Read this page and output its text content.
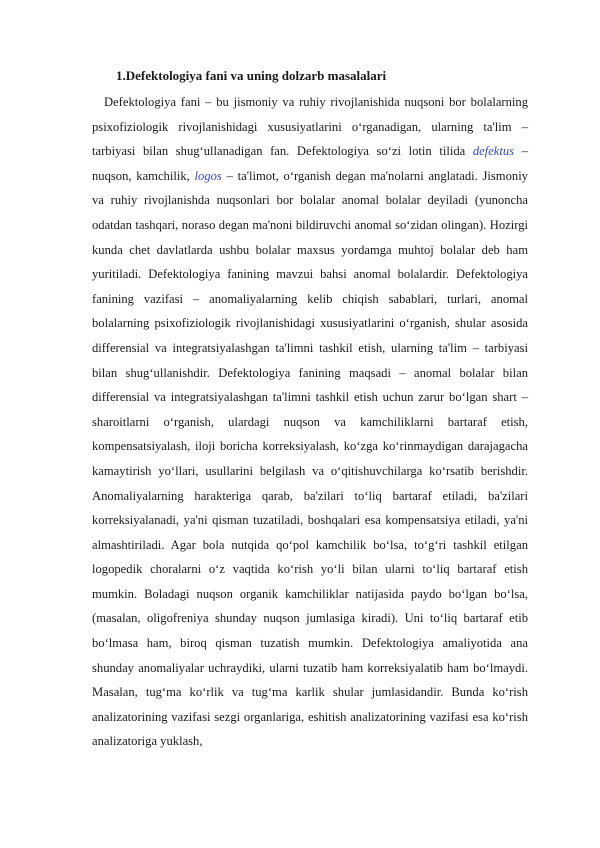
1.Defektologiya fani va uning dolzarb masalalari

Defektologiya fani – bu jismoniy va ruhiy rivojlanishida nuqsoni bor bolalarning psixofiziologik rivojlanishidagi xususiyatlarini o‘rganadigan, ularning ta'lim – tarbiyasi bilan shug‘ullanadigan fan. Defektologiya so‘zi lotin tilida defektus – nuqson, kamchilik, logos – ta'limot, o‘rganish degan ma'nolarni anglatadi. Jismoniy va ruhiy rivojlanishda nuqsonlari bor bolalar anomal bolalar deyiladi (yunoncha odatdan tashqari, noraso degan ma'noni bildiruvchi anomal so‘zidan olingan). Hozirgi kunda chet davlatlarda ushbu bolalar maxsus yordamga muhtoj bolalar deb ham yuritiladi. Defektologiya fanining mavzui bahsi anomal bolalardir. Defektologiya fanining vazifasi – anomaliyalarning kelib chiqish sabablari, turlari, anomal bolalarning psixofiziologik rivojlanishidagi xususiyatlarini o‘rganish, shular asosida differensial va integratsiyalashgan ta'limni tashkil etish, ularning ta'lim – tarbiyasi bilan shug‘ullanishdir. Defektologiya fanining maqsadi – anomal bolalar bilan differensial va integratsiyalashgan ta'limni tashkil etish uchun zarur bo‘lgan shart – sharoitlarni o‘rganish, ulardagi nuqson va kamchiliklarni bartaraf etish, kompensatsiyalash, iloji boricha korreksiyalash, ko‘zga ko‘rinmaydigan darajagacha kamaytirish yo‘llari, usullarini belgilash va o‘qitishuvchilarga ko‘rsatib berishdir. Anomaliyalarning harakteriga qarab, ba'zilari to‘liq bartaraf etiladi, ba'zilari korreksiyalanadi, ya'ni qisman tuzatiladi, boshqalari esa kompensatsiya etiladi, ya'ni almashtiriladi. Agar bola nutqida qo‘pol kamchilik bo‘lsa, to‘g‘ri tashkil etilgan logopedik choralarni o‘z vaqtida ko‘rish yo‘li bilan ularni to‘liq bartaraf etish mumkin. Boladagi nuqson organik kamchiliklar natijasida paydo bo‘lgan bo‘lsa, (masalan, oligofreniya shunday nuqson jumlasiga kiradi). Uni to‘liq bartaraf etib bo‘lmasa ham, biroq qisman tuzatish mumkin. Defektologiya amaliyotida ana shunday anomaliyalar uchraydiki, ularni tuzatib ham korreksiyalatib ham bo‘lmaydi. Masalan, tug‘ma ko‘rlik va tug‘ma karlik shular jumlasidandir. Bunda ko‘rish analizatorining vazifasi sezgi organlariga, eshitish analizatorining vazifasi esa ko‘rish analizatoriga yuklash,
